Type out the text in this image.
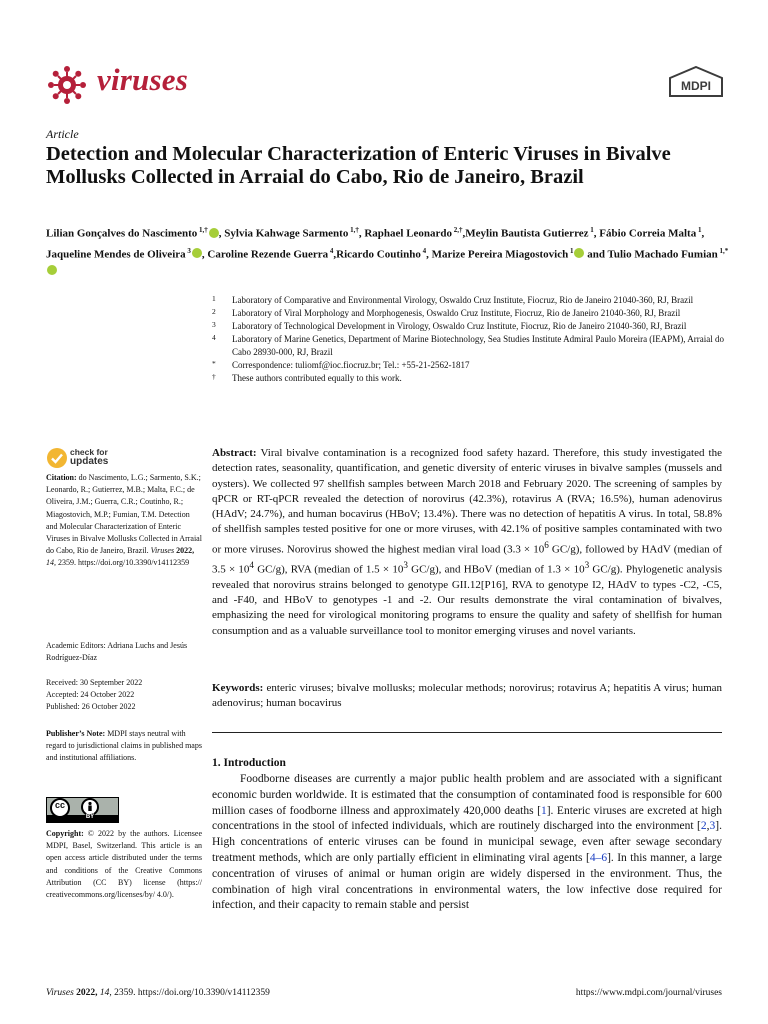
viruses	MDPI
Article
Detection and Molecular Characterization of Enteric Viruses in Bivalve Mollusks Collected in Arraial do Cabo, Rio de Janeiro, Brazil
Lilian Gonçalves do Nascimento $^{1,\dagger}$ , Sylvia Kahwage Sarmento $^{1,\dagger}$, Raphael Leonardo $^{2,\dagger}$,Meylin Bautista Gutierrez $^1$, Fábio Correia Malta $^1$, Jaqueline Mendes de Oliveira $^3$ , Caroline Rezende Guerra $^4$,Ricardo Coutinho $^4$, Marize Pereira Miagostovich $^1$ and Tulio Machado Fumian $^{1,*}$
1 Laboratory of Comparative and Environmental Virology, Oswaldo Cruz Institute, Fiocruz, Rio de Janeiro 21040-360, RJ, Brazil
2 Laboratory of Viral Morphology and Morphogenesis, Oswaldo Cruz Institute, Fiocruz, Rio de Janeiro 21040-360, RJ, Brazil
3 Laboratory of Technological Development in Virology, Oswaldo Cruz Institute, Fiocruz, Rio de Janeiro 21040-360, RJ, Brazil
4 Laboratory of Marine Genetics, Department of Marine Biotechnology, Sea Studies Institute Admiral Paulo Moreira (IEAPM), Arraial do Cabo 28930-000, RJ, Brazil
* Correspondence: tuliomf@ioc.fiocruz.br; Tel.: +55-21-2562-1817
† These authors contributed equally to this work.
check for
updates
Citation: do Nascimento, L.G.; Sarmento, S.K.; Leonardo, R.; Gutierrez, M.B.; Malta, F.C.; de Oliveira, J.M.; Guerra, C.R.; Coutinho, R.; Miagostovich, M.P.; Fumian, T.M. Detection and Molecular Characterization of Enteric Viruses in Bivalve Mollusks Collected in Arraial do Cabo, Rio de Janeiro, Brazil. Viruses 2022, 14, 2359. https://doi.org/10.3390/v14112359
Academic Editors: Adriana Luchs and Jesús Rodríguez-Díaz
Received: 30 September 2022
Accepted: 24 October 2022
Published: 26 October 2022
Publisher’s Note: MDPI stays neutral with regard to jurisdictional claims in published maps and institutional affiliations.
cc
BY
Copyright: © 2022 by the authors. Licensee MDPI, Basel, Switzerland. This article is an open access article distributed under the terms and conditions of the Creative Commons Attribution (CC BY) license (https:// creativecommons.org/licenses/by/ 4.0/).
Abstract: Viral bivalve contamination is a recognized food safety hazard. Therefore, this study investigated the detection rates, seasonality, quantification, and genetic diversity of enteric viruses in bivalve samples (mussels and oysters). We collected 97 shellfish samples between March 2018 and February 2020. The screening of samples by qPCR or RT-qPCR revealed the detection of norovirus (42.3%), rotavirus A (RVA; 16.5%), human adenovirus (HAdV; 24.7%), and human bocavirus (HBoV; 13.4%). There was no detection of hepatitis A virus. In total, 58.8% of shellfish samples tested positive for one or more viruses, with 42.1% of positive samples contaminated with two or more viruses. Norovirus showed the highest median viral load ($3.3 \times 10^6$ GC/g), followed by HAdV (median of $3.5 \times 10^4$ GC/g), RVA (median of $1.5 \times 10^3$ GC/g), and HBoV (median of $1.3 \times 10^3$ GC/g). Phylogenetic analysis revealed that norovirus strains belonged to genotype GII.12[P16], RVA to genotype I2, HAdV to types -C2, -C5, and -F40, and HBoV to genotypes -1 and -2. Our results demonstrate the viral contamination of bivalves, emphasizing the need for virological monitoring programs to ensure the quality and safety of shellfish for human consumption and as a valuable surveillance tool to monitor emerging viruses and novel variants.
Keywords: enteric viruses; bivalve mollusks; molecular methods; norovirus; rotavirus A; hepatitis A virus; human adenovirus; human bocavirus
1. Introduction
Foodborne diseases are currently a major public health problem and are associated with a significant economic burden worldwide. It is estimated that the consumption of contaminated food is responsible for 600 million cases of foodborne illness and approximately 420,000 deaths [1]. Enteric viruses are excreted at high concentrations in the stool of infected individuals, which are routinely discharged into the environment [2,3]. High concentrations of enteric viruses can be found in municipal sewage, even after sewage secondary treatment methods, which are only partially efficient in eliminating viral agents [4–6]. In this manner, a large concentration of viruses of animal or human origin are widely dispersed in the environment. Thus, the combination of high viral concentrations in environmental waters, the low infective dose required for infection, and their capacity to remain stable and persist
Viruses 2022, 14, 2359. https://doi.org/10.3390/v14112359	https://www.mdpi.com/journal/viruses
